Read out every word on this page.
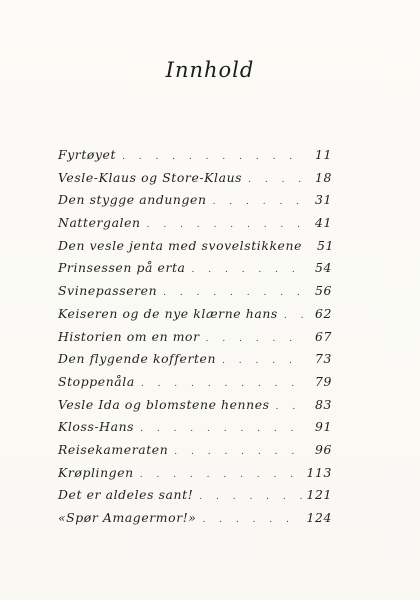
Innhold
Fyrtøyet . . .	11
Vesle-Klaus og Store-Klaus . . .	18
Den stygge andungen . . .	31
Nattergalen . . .	41
Den vesle jenta med svovelstikkene	51
Prinsessen på erta . . .	54
Svinepasseren . . .	56
Keiseren og de nye klærne hans . . .	62
Historien om en mor . . .	67
Den flygende kofferten . . .	73
Stoppenåla . . .	79
Vesle Ida og blomstene hennes . . .	83
Kloss-Hans . . .	91
Reisekameraten . . .	96
Krøplingen . . .	113
Det er aldeles sant! . . .	121
«Spør Amagermor!» . . .	124
